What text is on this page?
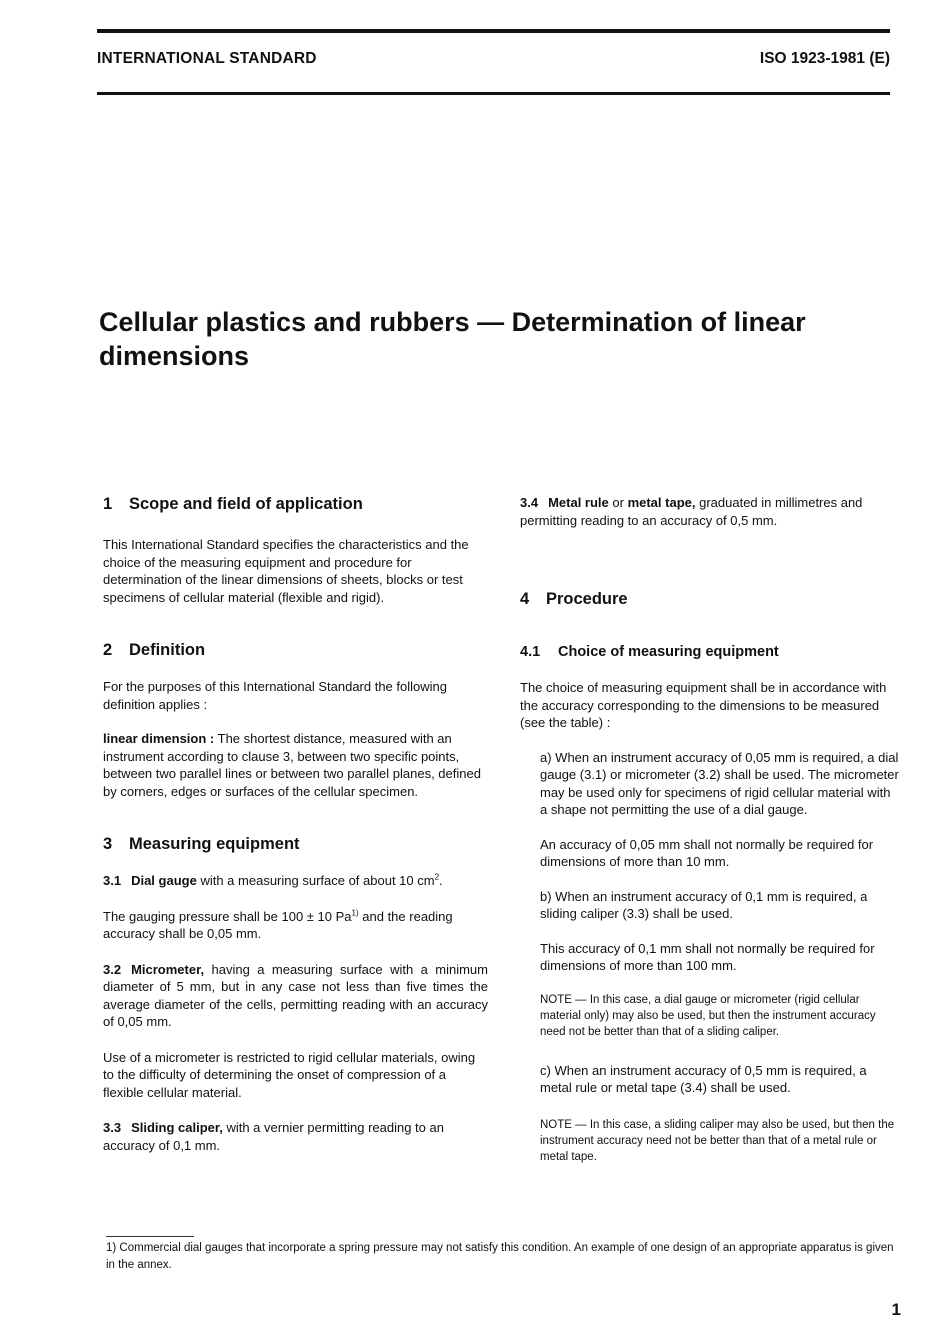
INTERNATIONAL STANDARD	ISO 1923-1981 (E)
Cellular plastics and rubbers — Determination of linear dimensions
1 Scope and field of application

This International Standard specifies the characteristics and the choice of the measuring equipment and procedure for determination of the linear dimensions of sheets, blocks or test specimens of cellular material (flexible and rigid).

2 Definition

For the purposes of this International Standard the following definition applies :

linear dimension : The shortest distance, measured with an instrument according to clause 3, between two specific points, between two parallel lines or between two parallel planes, defined by corners, edges or surfaces of the cellular specimen.

3 Measuring equipment

3.1 Dial gauge with a measuring surface of about 10 $cm^2$.

The gauging pressure shall be 100 ± 10 Pa$^{1)}$ and the reading accuracy shall be 0,05 mm.

3.2 Micrometer, having a measuring surface with a minimum diameter of 5 mm, but in any case not less than five times the average diameter of the cells, permitting reading with an accuracy of 0,05 mm.

Use of a micrometer is restricted to rigid cellular materials, owing to the difficulty of determining the onset of compression of a flexible cellular material.

3.3 Sliding caliper, with a vernier permitting reading to an accuracy of 0,1 mm.

3.4 Metal rule or metal tape, graduated in millimetres and permitting reading to an accuracy of 0,5 mm.

4 Procedure
4.1 Choice of measuring equipment

The choice of measuring equipment shall be in accordance with the accuracy corresponding to the dimensions to be measured (see the table) :

a) When an instrument accuracy of 0,05 mm is required, a dial gauge (3.1) or micrometer (3.2) shall be used. The micrometer may be used only for specimens of rigid cellular material with a shape not permitting the use of a dial gauge.

An accuracy of 0,05 mm shall not normally be required for dimensions of more than 10 mm.

b) When an instrument accuracy of 0,1 mm is required, a sliding caliper (3.3) shall be used.

This accuracy of 0,1 mm shall not normally be required for dimensions of more than 100 mm.

NOTE — In this case, a dial gauge or micrometer (rigid cellular material only) may also be used, but then the instrument accuracy need not be better than that of a sliding caliper.

c) When an instrument accuracy of 0,5 mm is required, a metal rule or metal tape (3.4) shall be used.

NOTE — In this case, a sliding caliper may also be used, but then the instrument accuracy need not be better than that of a metal rule or metal tape.

1) Commercial dial gauges that incorporate a spring pressure may not satisfy this condition. An example of one design of an appropriate apparatus is given in the annex.
1
